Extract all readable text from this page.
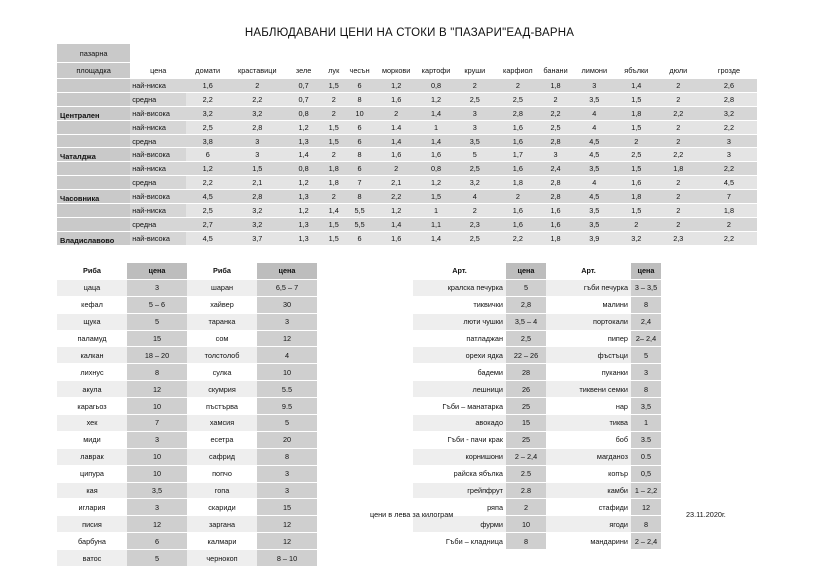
НАБЛЮДАВАНИ ЦЕНИ НА СТОКИ В "ПАЗАРИ"ЕАД-ВАРНА
пазарна															
площадка	цена	домати	краставици	зеле	лук	чесън	моркови	картофи	круши	карфиол	банани	лимони	ябълки	дюли	грозде
	най-ниска	1,6	2	0,7	1,5	6	1,2	0,8	2	2	1,8	3	1,4	2	2,6
	средна	2,2	2,2	0,7	2	8	1,6	1,2	2,5	2,5	2	3,5	1,5	2	2,8
Централен	най-висока	3,2	3,2	0,8	2	10	2	1,4	3	2,8	2,2	4	1,8	2,2	3,2
	най-ниска	2,5	2,8	1,2	1,5	6	1.4	1	3	1,6	2,5	4	1,5	2	2,2
	средна	3,8	3	1,3	1,5	6	1,4	1,4	3,5	1,6	2,8	4,5	2	2	3
Чаталджа	най-висока	6	3	1,4	2	8	1,6	1,6	5	1,7	3	4,5	2,5	2,2	3
	най-ниска	1,2	1,5	0,8	1,8	6	2	0,8	2,5	1,6	2,4	3,5	1,5	1,8	2,2
	средна	2,2	2,1	1,2	1,8	7	2,1	1,2	3,2	1,8	2,8	4	1,6	2	4,5
Часовника	най-висока	4,5	2,8	1,3	2	8	2,2	1,5	4	2	2,8	4,5	1,8	2	7
	най-ниска	2,5	3,2	1,2	1,4	5,5	1,2	1	2	1,6	1,6	3,5	1,5	2	1,8
	средна	2,7	3,2	1,3	1,5	5,5	1,4	1,1	2,3	1,6	1,6	3,5	2	2	2
Владиславово	най-висока	4,5	3,7	1,3	1,5	6	1,6	1,4	2,5	2,2	1,8	3,9	3,2	2,3	2,2
Риба	цена	Риба	цена
цаца	3	шаран	6,5 – 7
кефал	5 – 6	хайвер	30
щука	5	таранка	3
паламуд	15	сом	12
калкан	18 – 20	толстолоб	4
лихнус	8	сулка	10
акула	12	скумрия	5.5
карагьоз	10	пъстърва	9.5
хек	7	хамсия	5
миди	3	есетра	20
лаврак	10	сафрид	8
ципура	10	попчо	3
кая	3,5	гопа	3
иглария	3	скариди	15
писия	12	заргана	12
барбуна	6	калмари	12
ватос	5	чернокоп	8 – 10
Арт.	цена	Арт.	цена
кралска печурка	5	гъби печурка	3 – 3,5
тиквички	2,8	малини	8
люти чушки	3,5 – 4	портокали	2,4
патладжан	2,5	пипер	2– 2,4
орехи ядка	22 – 26	фъстъци	5
бадеми	28	пуканки	3
лешници	26	тиквени семки	8
Гъби – манатарка	25	нар	3,5
авокадо	15	тиква	1
Гъби - пачи крак	25	боб	3.5
корнишони	2 – 2,4	магданоз	0.5
райска ябълка	2.5	копър	0,5
грейпфрут	2.8	камби	1 – 2,2
ряпа	2	стафиди	12
фурми	10	ягоди	8
Гъби – кладница	8	мандарини	2 – 2,4
цени в лева за килограм	23.11.2020г.
